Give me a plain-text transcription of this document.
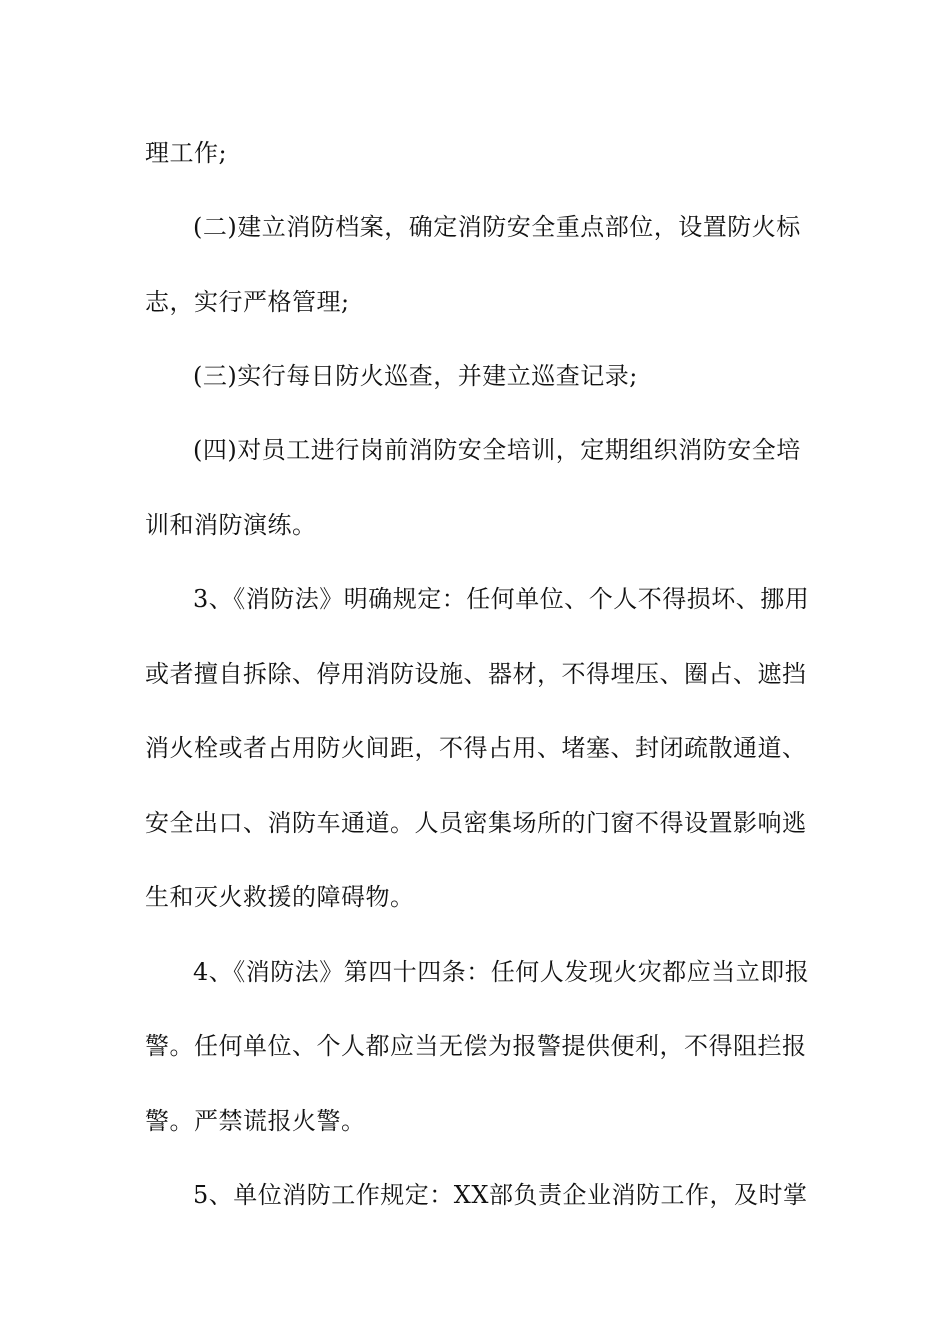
理工作;
(二)建立消防档案，确定消防安全重点部位，设置防火标
志，实行严格管理;
(三)实行每日防火巡查，并建立巡查记录;
(四)对员工进行岗前消防安全培训，定期组织消防安全培
训和消防演练。
3、《消防法》明确规定：任何单位、个人不得损坏、挪用
或者擅自拆除、停用消防设施、器材，不得埋压、圈占、遮挡
消火栓或者占用防火间距，不得占用、堵塞、封闭疏散通道、
安全出口、消防车通道。人员密集场所的门窗不得设置影响逃
生和灭火救援的障碍物。
4、《消防法》第四十四条：任何人发现火灾都应当立即报
警。任何单位、个人都应当无偿为报警提供便利，不得阻拦报
警。严禁谎报火警。
5、单位消防工作规定：XX部负责企业消防工作，及时掌
